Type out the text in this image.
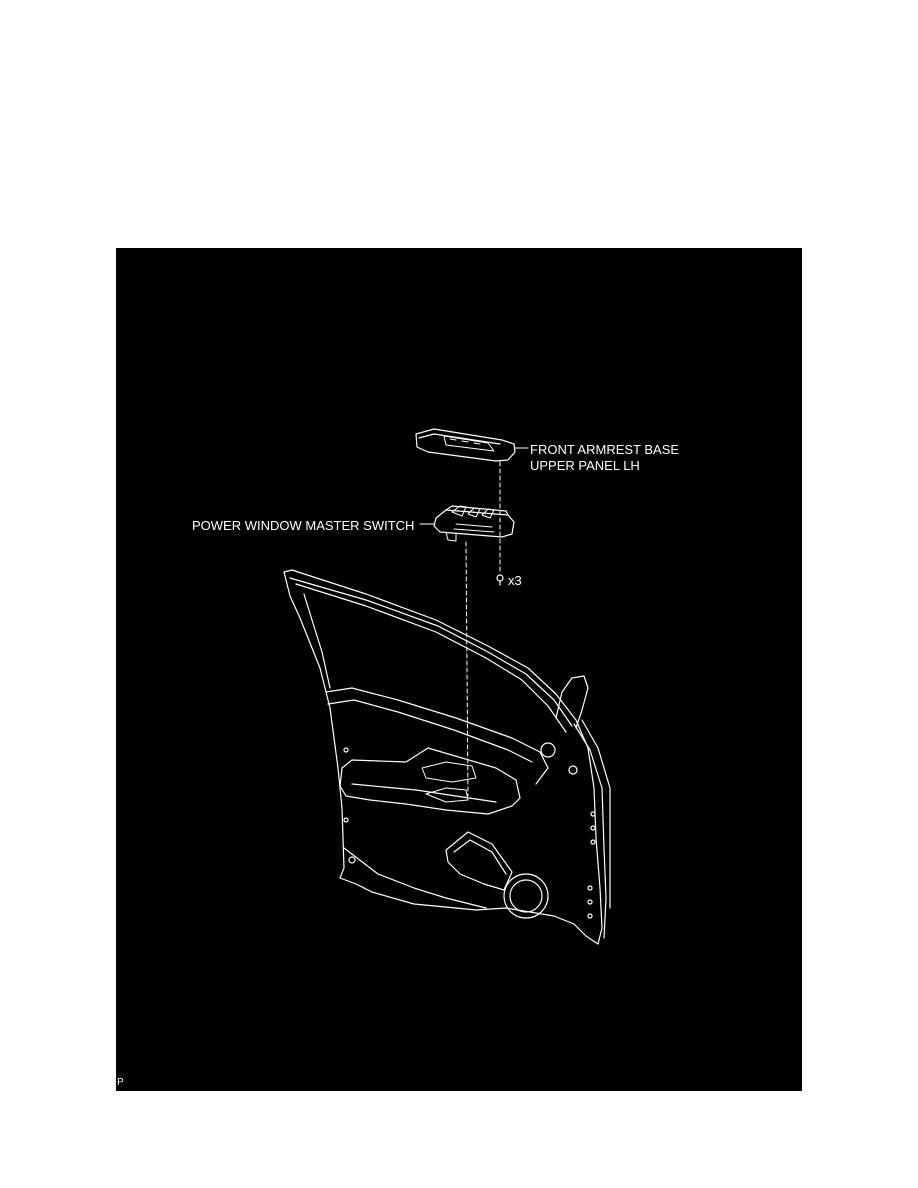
FRONT ARMREST BASE
UPPER PANEL LH
POWER WINDOW MASTER SWITCH
x3
P
